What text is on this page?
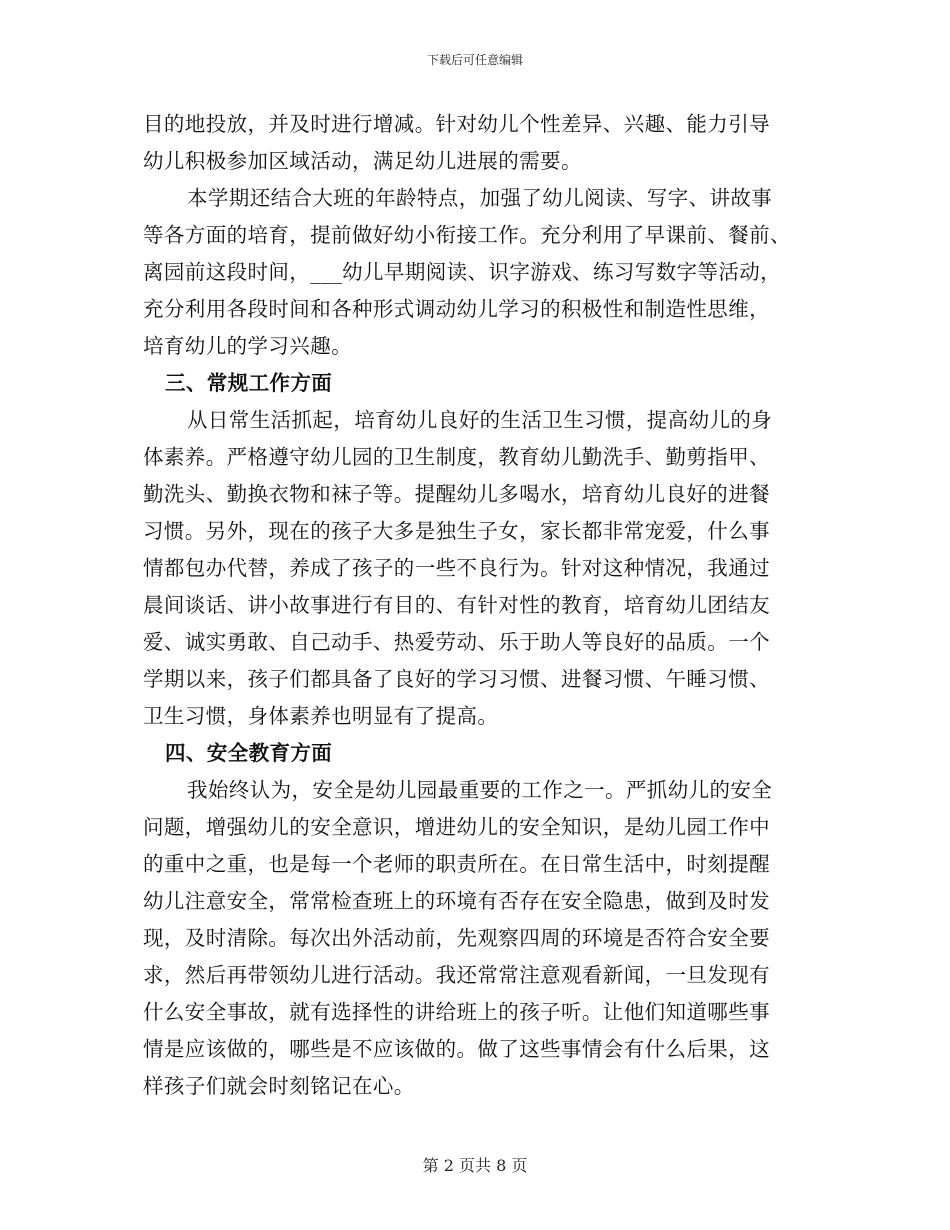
下载后可任意编辑
目的地投放，并及时进行增减。针对幼儿个性差异、兴趣、能力引导
幼儿积极参加区域活动，满足幼儿进展的需要。
本学期还结合大班的年龄特点，加强了幼儿阅读、写字、讲故事
等各方面的培育，提前做好幼小衔接工作。充分利用了早课前、餐前、
离园前这段时间，___幼儿早期阅读、识字游戏、练习写数字等活动，
充分利用各段时间和各种形式调动幼儿学习的积极性和制造性思维，
培育幼儿的学习兴趣。
三、常规工作方面
从日常生活抓起，培育幼儿良好的生活卫生习惯，提高幼儿的身
体素养。严格遵守幼儿园的卫生制度，教育幼儿勤洗手、勤剪指甲、
勤洗头、勤换衣物和袜子等。提醒幼儿多喝水，培育幼儿良好的进餐
习惯。另外，现在的孩子大多是独生子女，家长都非常宠爱，什么事
情都包办代替，养成了孩子的一些不良行为。针对这种情况，我通过
晨间谈话、讲小故事进行有目的、有针对性的教育，培育幼儿团结友
爱、诚实勇敢、自己动手、热爱劳动、乐于助人等良好的品质。一个
学期以来，孩子们都具备了良好的学习习惯、进餐习惯、午睡习惯、
卫生习惯，身体素养也明显有了提高。
四、安全教育方面
我始终认为，安全是幼儿园最重要的工作之一。严抓幼儿的安全
问题，增强幼儿的安全意识，增进幼儿的安全知识，是幼儿园工作中
的重中之重，也是每一个老师的职责所在。在日常生活中，时刻提醒
幼儿注意安全，常常检查班上的环境有否存在安全隐患，做到及时发
现，及时清除。每次出外活动前，先观察四周的环境是否符合安全要
求，然后再带领幼儿进行活动。我还常常注意观看新闻，一旦发现有
什么安全事故，就有选择性的讲给班上的孩子听。让他们知道哪些事
情是应该做的，哪些是不应该做的。做了这些事情会有什么后果，这
样孩子们就会时刻铭记在心。
第 2 页共 8 页
